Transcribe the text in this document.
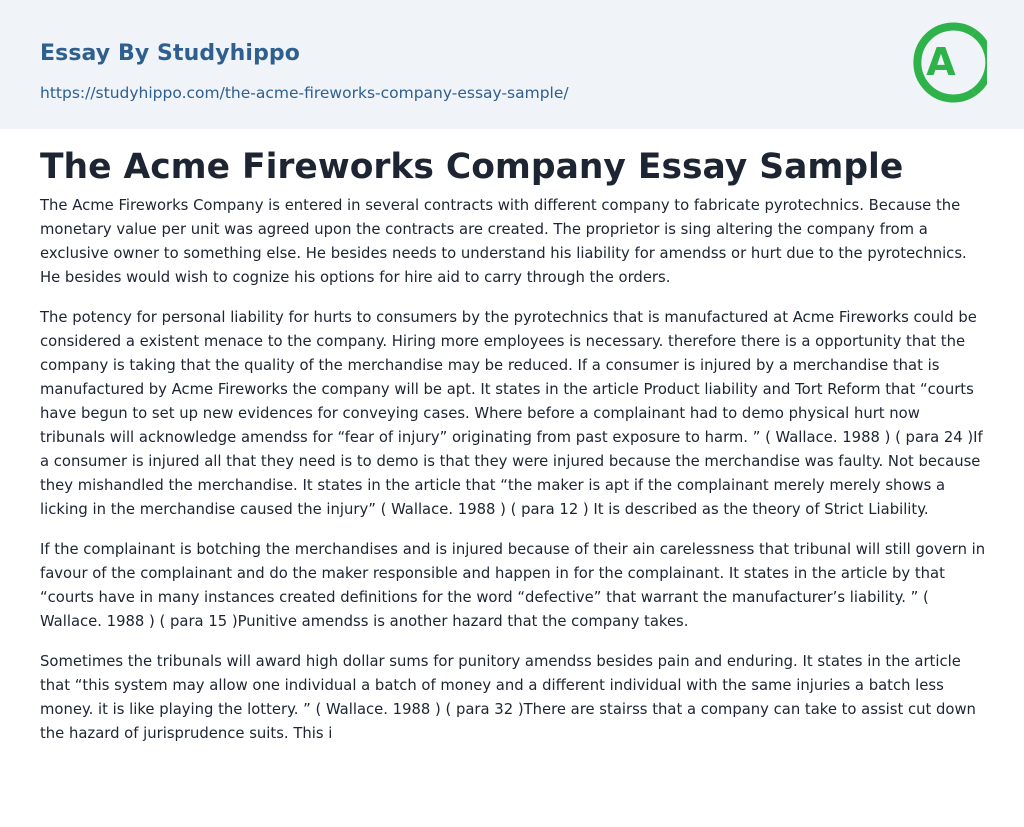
Essay By Studyhippo
https://studyhippo.com/the-acme-fireworks-company-essay-sample/
A
The Acme Fireworks Company Essay Sample

The Acme Fireworks Company is entered in several contracts with different company to fabricate pyrotechnics. Because the monetary value per unit was agreed upon the contracts are created. The proprietor is sing altering the company from a exclusive owner to something else. He besides needs to understand his liability for amendss or hurt due to the pyrotechnics. He besides would wish to cognize his options for hire aid to carry through the orders.

The potency for personal liability for hurts to consumers by the pyrotechnics that is manufactured at Acme Fireworks could be considered a existent menace to the company. Hiring more employees is necessary. therefore there is a opportunity that the company is taking that the quality of the merchandise may be reduced. If a consumer is injured by a merchandise that is manufactured by Acme Fireworks the company will be apt. It states in the article Product liability and Tort Reform that “courts have begun to set up new evidences for conveying cases. Where before a complainant had to demo physical hurt now tribunals will acknowledge amendss for “fear of injury” originating from past exposure to harm. ” ( Wallace. 1988 ) ( para 24 )If a consumer is injured all that they need is to demo is that they were injured because the merchandise was faulty. Not because they mishandled the merchandise. It states in the article that “the maker is apt if the complainant merely merely shows a licking in the merchandise caused the injury” ( Wallace. 1988 ) ( para 12 ) It is described as the theory of Strict Liability.

If the complainant is botching the merchandises and is injured because of their ain carelessness that tribunal will still govern in favour of the complainant and do the maker responsible and happen in for the complainant. It states in the article by that “courts have in many instances created definitions for the word “defective” that warrant the manufacturer’s liability. ” ( Wallace. 1988 ) ( para 15 )Punitive amendss is another hazard that the company takes.

Sometimes the tribunals will award high dollar sums for punitory amendss besides pain and enduring. It states in the article that “this system may allow one individual a batch of money and a different individual with the same injuries a batch less money. it is like playing the lottery. ” ( Wallace. 1988 ) ( para 32 )There are stairss that a company can take to assist cut down the hazard of jurisprudence suits. This i
